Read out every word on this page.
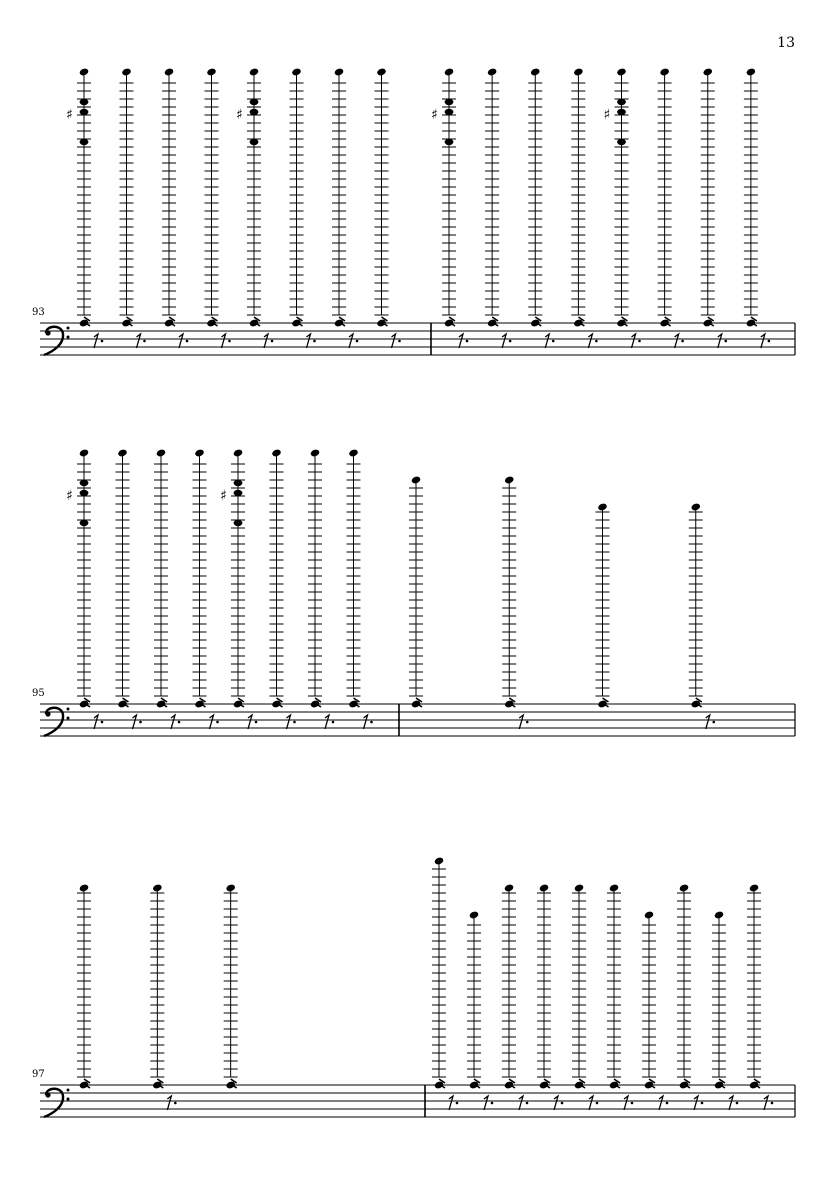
13
93
♯	♯	♯	♯
95
♯	♯
97
